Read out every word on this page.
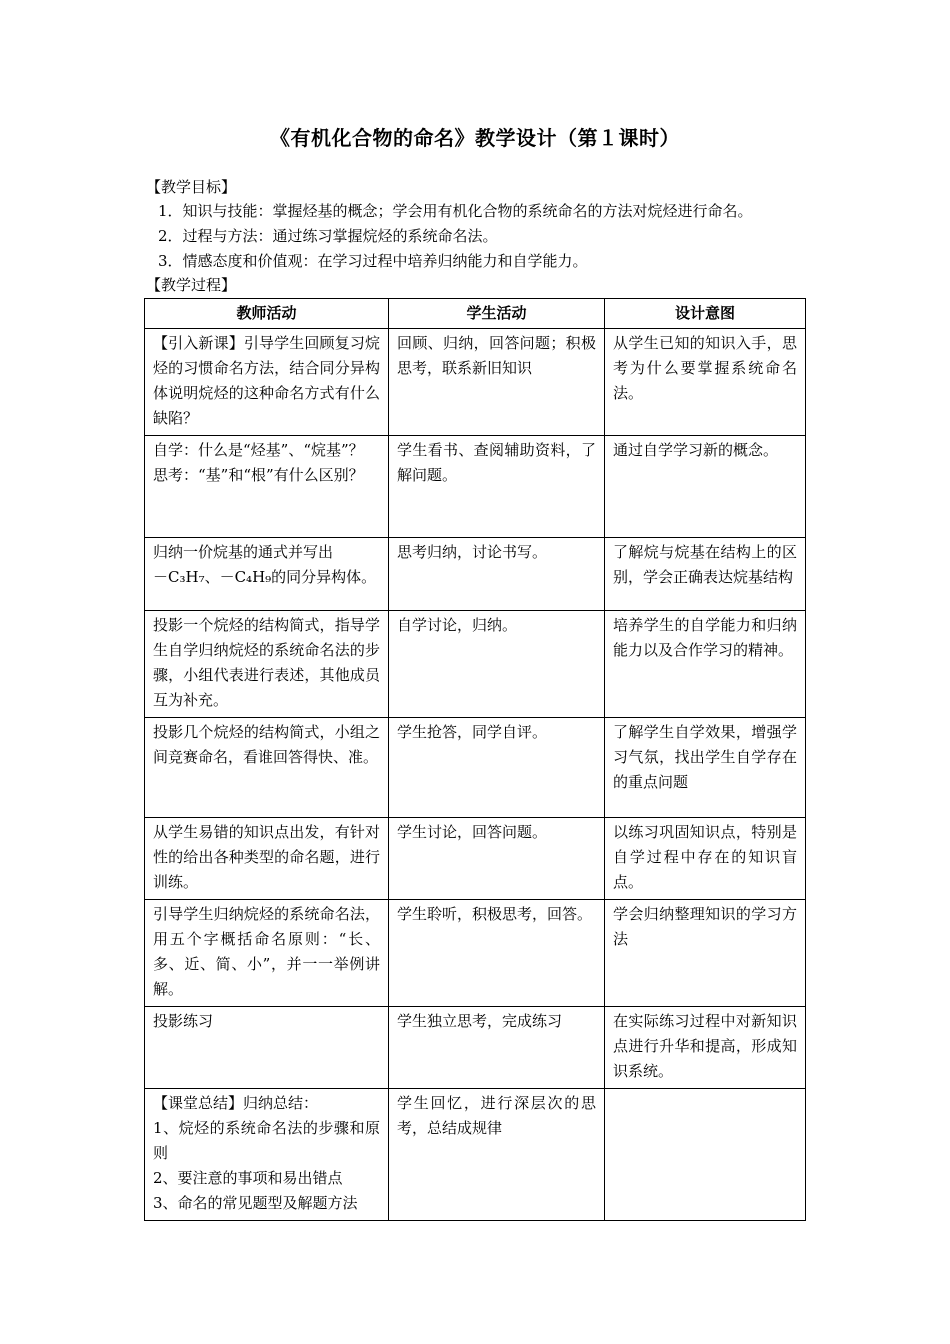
《有机化合物的命名》教学设计（第１课时）
【教学目标】
1．知识与技能：掌握烃基的概念；学会用有机化合物的系统命名的方法对烷烃进行命名。
2．过程与方法：通过练习掌握烷烃的系统命名法。
3．情感态度和价值观：在学习过程中培养归纳能力和自学能力。
【教学过程】
教师活动	学生活动	设计意图

【引入新课】引导学生回顾复习烷烃的习惯命名方法，结合同分异构体说明烷烃的这种命名方式有什么缺陷？	回顾、归纳，回答问题；积极思考，联系新旧知识	从学生已知的知识入手，思考为什么要掌握系统命名法。

自学：什么是“烃基”、“烷基”？
思考：“基”和“根”有什么区别？	学生看书、查阅辅助资料，了解问题。	通过自学学习新的概念。

归纳一价烷基的通式并写出
－C₃H₇、－C₄H₉的同分异构体。	思考归纳，讨论书写。	了解烷与烷基在结构上的区别，学会正确表达烷基结构

投影一个烷烃的结构简式，指导学生自学归纳烷烃的系统命名法的步骤，小组代表进行表述，其他成员互为补充。	自学讨论，归纳。	培养学生的自学能力和归纳能力以及合作学习的精神。

投影几个烷烃的结构简式，小组之间竞赛命名，看谁回答得快、准。	学生抢答，同学自评。	了解学生自学效果，增强学习气氛，找出学生自学存在的重点问题

从学生易错的知识点出发，有针对性的给出各种类型的命名题，进行训练。	学生讨论，回答问题。	以练习巩固知识点，特别是自学过程中存在的知识盲点。

引导学生归纳烷烃的系统命名法，用五个字概括命名原则：“长、多、近、简、小”，并一一举例讲解。	学生聆听，积极思考，回答。	学会归纳整理知识的学习方法

投影练习	学生独立思考，完成练习	在实际练习过程中对新知识点进行升华和提高，形成知识系统。

【课堂总结】归纳总结：
1、烷烃的系统命名法的步骤和原则
2、要注意的事项和易出错点
3、命名的常见题型及解题方法	学生回忆，进行深层次的思考，总结成规律	
